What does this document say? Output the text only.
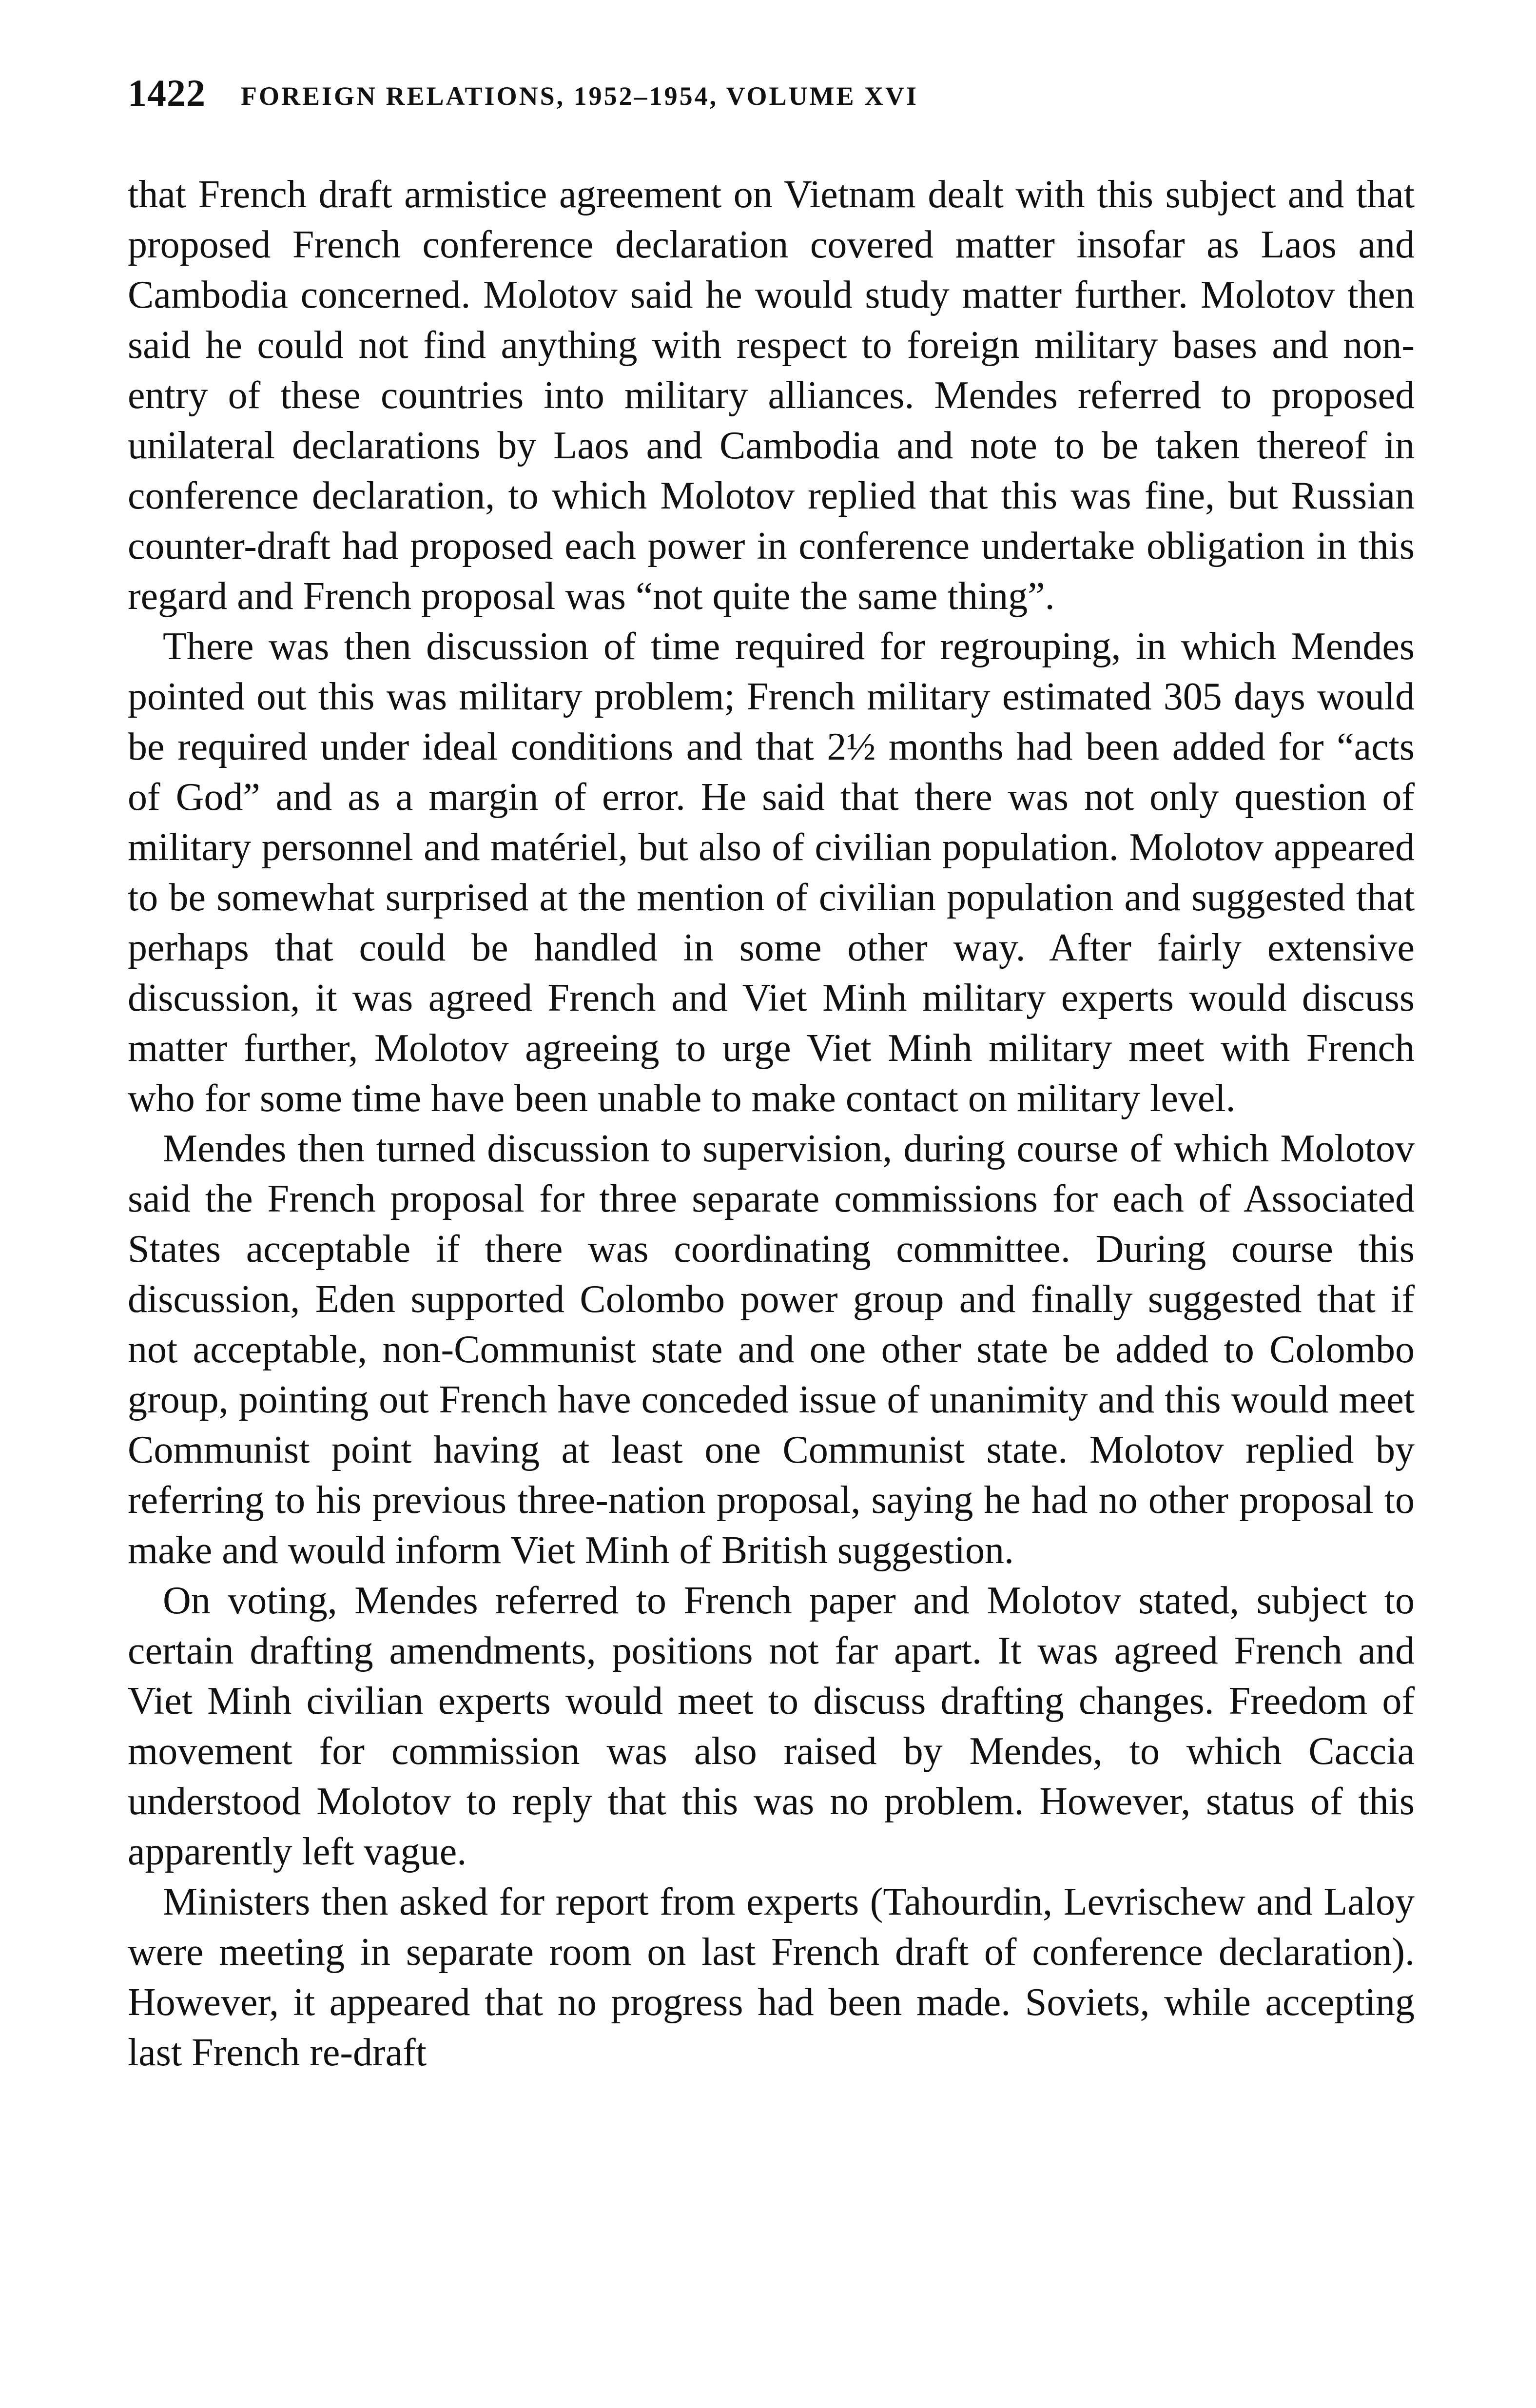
1422 FOREIGN RELATIONS, 1952–1954, VOLUME XVI

that French draft armistice agreement on Vietnam dealt with this subject and that proposed French conference declaration covered matter insofar as Laos and Cambodia concerned. Molotov said he would study matter further. Molotov then said he could not find anything with respect to foreign military bases and non-entry of these countries into military alliances. Mendes referred to proposed unilateral declarations by Laos and Cambodia and note to be taken thereof in conference declaration, to which Molotov replied that this was fine, but Russian counter-draft had proposed each power in conference undertake obligation in this regard and French proposal was “not quite the same thing”.

There was then discussion of time required for regrouping, in which Mendes pointed out this was military problem; French military estimated 305 days would be required under ideal conditions and that 2½ months had been added for “acts of God” and as a margin of error. He said that there was not only question of military personnel and matériel, but also of civilian population. Molotov appeared to be somewhat surprised at the mention of civilian population and suggested that perhaps that could be handled in some other way. After fairly extensive discussion, it was agreed French and Viet Minh military experts would discuss matter further, Molotov agreeing to urge Viet Minh military meet with French who for some time have been unable to make contact on military level.

Mendes then turned discussion to supervision, during course of which Molotov said the French proposal for three separate commissions for each of Associated States acceptable if there was coordinating committee. During course this discussion, Eden supported Colombo power group and finally suggested that if not acceptable, non-Communist state and one other state be added to Colombo group, pointing out French have conceded issue of unanimity and this would meet Communist point having at least one Communist state. Molotov replied by referring to his previous three-nation proposal, saying he had no other proposal to make and would inform Viet Minh of British suggestion.

On voting, Mendes referred to French paper and Molotov stated, subject to certain drafting amendments, positions not far apart. It was agreed French and Viet Minh civilian experts would meet to discuss drafting changes. Freedom of movement for commission was also raised by Mendes, to which Caccia understood Molotov to reply that this was no problem. However, status of this apparently left vague.

Ministers then asked for report from experts (Tahourdin, Levrischew and Laloy were meeting in separate room on last French draft of conference declaration). However, it appeared that no progress had been made. Soviets, while accepting last French re-draft
